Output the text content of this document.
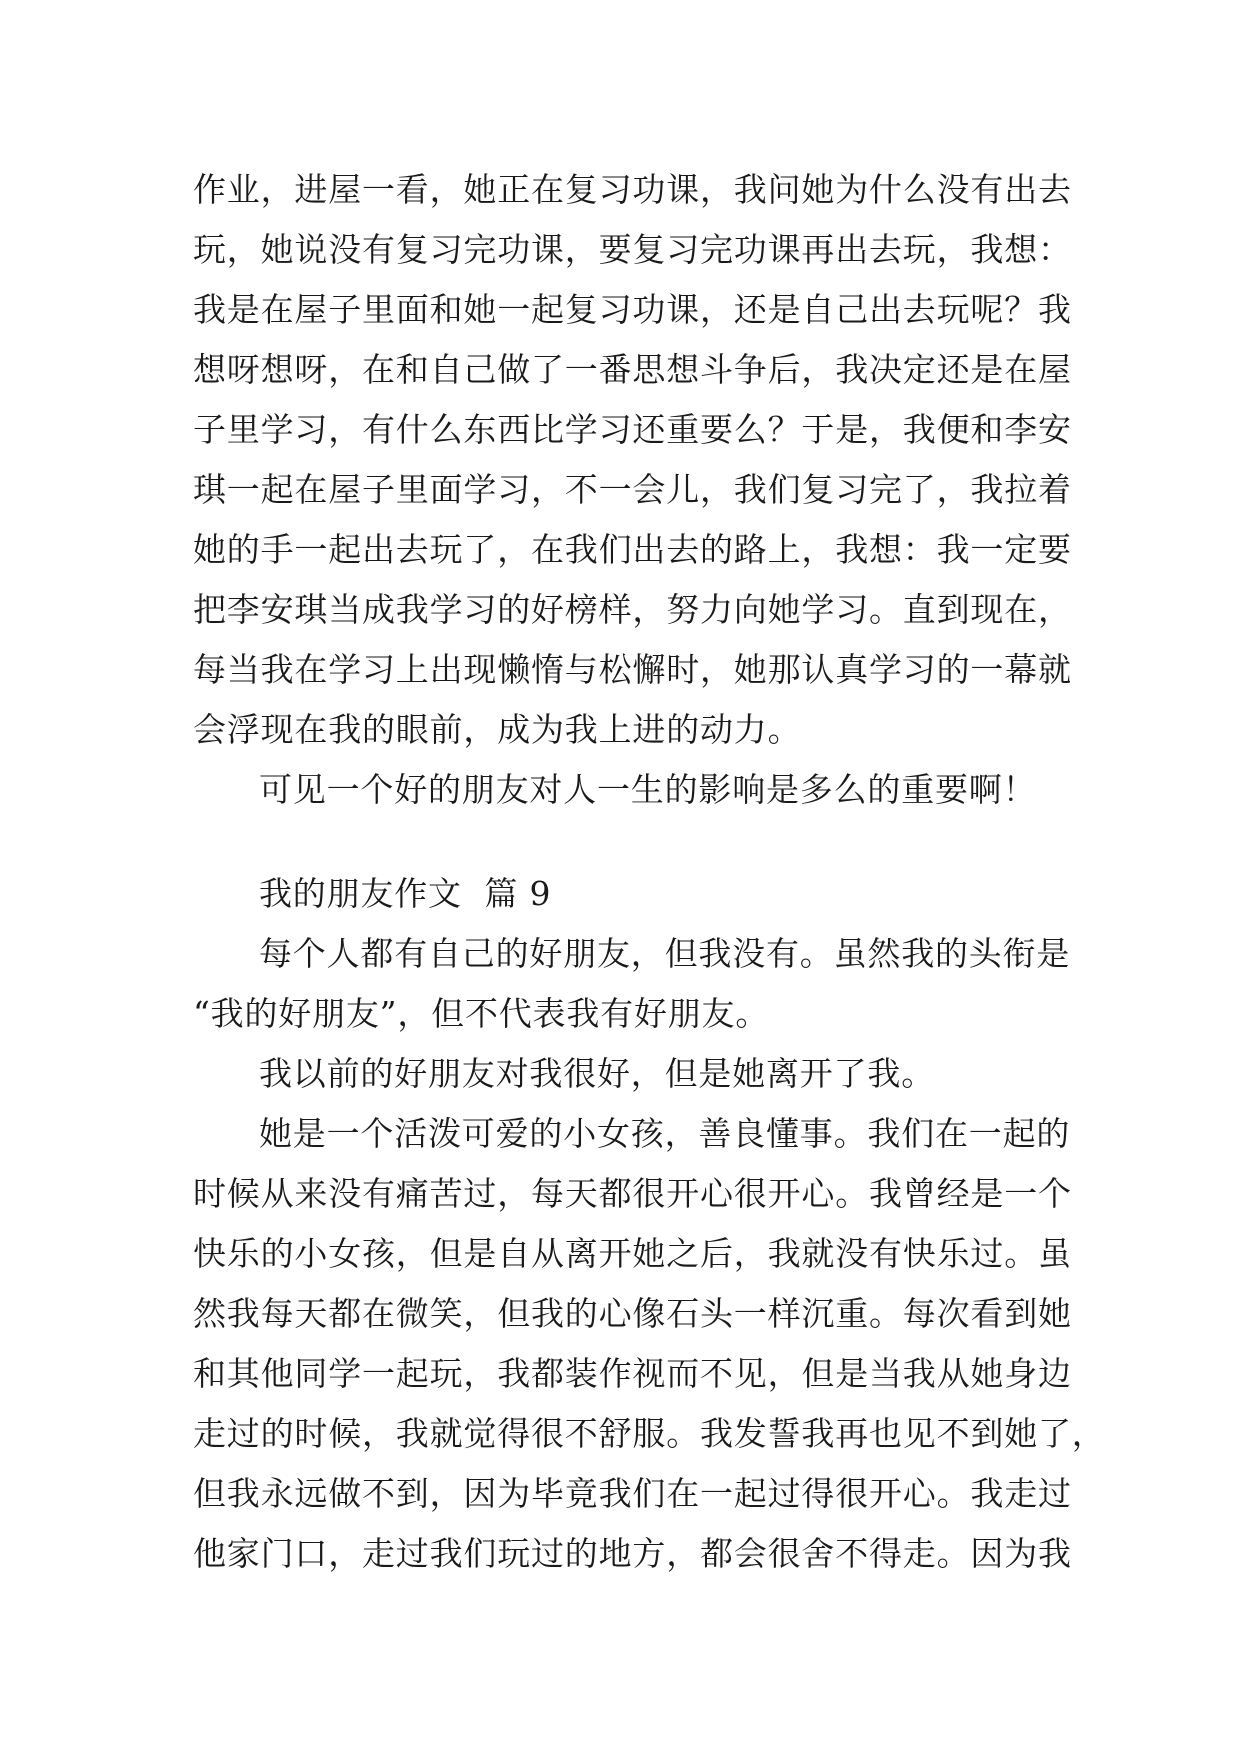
作业，进屋一看，她正在复习功课，我问她为什么没有出去
玩，她说没有复习完功课，要复习完功课再出去玩，我想：
我是在屋子里面和她一起复习功课，还是自己出去玩呢？我
想呀想呀，在和自己做了一番思想斗争后，我决定还是在屋
子里学习，有什么东西比学习还重要么？于是，我便和李安
琪一起在屋子里面学习，不一会儿，我们复习完了，我拉着
她的手一起出去玩了，在我们出去的路上，我想：我一定要
把李安琪当成我学习的好榜样，努力向她学习。直到现在，
每当我在学习上出现懒惰与松懈时，她那认真学习的一幕就
会浮现在我的眼前，成为我上进的动力。
可见一个好的朋友对人一生的影响是多么的重要啊！
我的朋友作文  篇 9
每个人都有自己的好朋友，但我没有。虽然我的头衔是
“我的好朋友”，但不代表我有好朋友。
我以前的好朋友对我很好，但是她离开了我。
她是一个活泼可爱的小女孩，善良懂事。我们在一起的
时候从来没有痛苦过，每天都很开心很开心。我曾经是一个
快乐的小女孩，但是自从离开她之后，我就没有快乐过。虽
然我每天都在微笑，但我的心像石头一样沉重。每次看到她
和其他同学一起玩，我都装作视而不见，但是当我从她身边
走过的时候，我就觉得很不舒服。我发誓我再也见不到她了，
但我永远做不到，因为毕竟我们在一起过得很开心。我走过
他家门口，走过我们玩过的地方，都会很舍不得走。因为我
